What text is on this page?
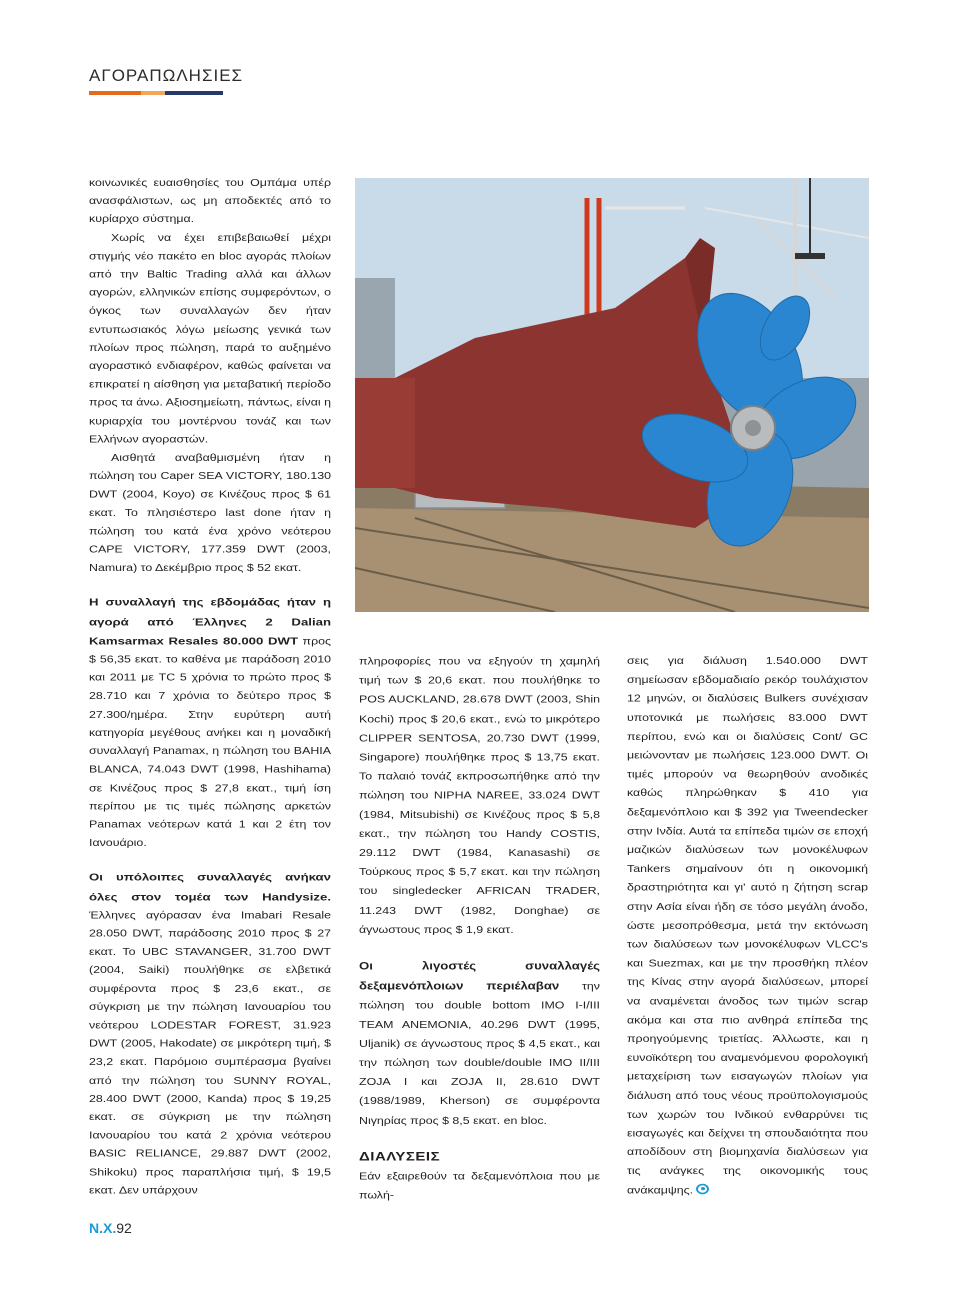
ΑΓΟΡΑΠΩΛΗΣΙΕΣ

κοινωνικές ευαισθησίες του Ομπάμα υπέρ ανασφάλιστων, ως μη αποδεκτές από το κυρίαρχο σύστημα.

Χωρίς να έχει επιβεβαιωθεί μέχρι στιγμής νέο πακέτο en bloc αγοράς πλοίων από την Baltic Trading αλλά και άλλων αγορών, ελληνικών επίσης συμφερόντων, ο όγκος των συναλλαγών δεν ήταν εντυπωσιακός λόγω μείωσης γενικά των πλοίων προς πώληση, παρά το αυξημένο αγοραστικό ενδιαφέρον, καθώς φαίνεται να επικρατεί η αίσθηση για μεταβατική περίοδο προς τα άνω. Αξιοσημείωτη, πάντως, είναι η κυριαρχία του μοντέρνου τονάζ και των Ελλήνων αγοραστών.

Αισθητά αναβαθμισμένη ήταν η πώληση του Caper SEA VICTORY, 180.130 DWT (2004, Koyo) σε Κινέζους προς $ 61 εκατ. Το πλησιέστερο last done ήταν η πώληση του κατά ένα χρόνο νεότερου CAPE VICTORY, 177.359 DWT (2003, Namura) το Δεκέμβριο προς $ 52 εκατ.

Η συναλλαγή της εβδομάδας ήταν η αγορά από Έλληνες 2 Dalian Kamsarmax Resales 80.000 DWT προς $ 56,35 εκατ. το καθένα με παράδοση 2010 και 2011 με TC 5 χρόνια το πρώτο προς $ 28.710 και 7 χρόνια το δεύτερο προς $ 27.300/ημέρα. Στην ευρύτερη αυτή κατηγορία μεγέθους ανήκει και η μοναδική συναλλαγή Panamax, η πώληση του BAHIA BLANCA, 74.043 DWT (1998, Hashihama) σε Κινέζους προς $ 27,8 εκατ., τιμή ίση περίπου με τις τιμές πώλησης αρκετών Panamax νεότερων κατά 1 και 2 έτη τον Ιανουάριο.

Οι υπόλοιπες συναλλαγές ανήκαν όλες στον τομέα των Handysize. Έλληνες αγόρασαν ένα Imabari Resale 28.050 DWT, παράδοσης 2010 προς $ 27 εκατ. Το UBC STAVANGER, 31.700 DWT (2004, Saiki) πουλήθηκε σε ελβετικά συμφέροντα προς $ 23,6 εκατ., σε σύγκριση με την πώληση Ιανουαρίου του νεότερου LODESTAR FOREST, 31.923 DWT (2005, Hakodate) σε μικρότερη τιμή, $ 23,2 εκατ. Παρόμοιο συμπέρασμα βγαίνει από την πώληση του SUNNY ROYAL, 28.400 DWT (2000, Kanda) προς $ 19,25 εκατ. σε σύγκριση με την πώληση Ιανουαρίου του κατά 2 χρόνια νεότερου BASIC RELIANCE, 29.887 DWT (2002, Shikoku) προς παραπλήσια τιμή, $ 19,5 εκατ. Δεν υπάρχουν

πληροφορίες που να εξηγούν τη χαμηλή τιμή των $ 20,6 εκατ. που πουλήθηκε το POS AUCKLAND, 28.678 DWT (2003, Shin Kochi) προς $ 20,6 εκατ., ενώ το μικρότερο CLIPPER SENTOSA, 20.730 DWT (1999, Singapore) πουλήθηκε προς $ 13,75 εκατ. Το παλαιό τονάζ εκπροσωπήθηκε από την πώληση του NIPHA NAREE, 33.024 DWT (1984, Mitsubishi) σε Κινέζους προς $ 5,8 εκατ., την πώληση του Handy COSTIS, 29.112 DWT (1984, Kanasashi) σε Τούρκους προς $ 5,7 εκατ. και την πώληση του singledecker AFRICAN TRADER, 11.243 DWT (1982, Donghae) σε άγνωστους προς $ 1,9 εκατ.

Οι λιγοστές συναλλαγές δεξαμενόπλοιων περιέλαβαν την πώληση του double bottom IMO I-I/III TEAM ANEMONIA, 40.296 DWT (1995, Uljanik) σε άγνωστους προς $ 4,5 εκατ., και την πώληση των double/double IMO II/III ZOJA I και ZOJA II, 28.610 DWT (1988/1989, Kherson) σε συμφέροντα Νιγηρίας προς $ 8,5 εκατ. en bloc.

ΔΙΑΛΥΣΕΙΣ

Εάν εξαιρεθούν τα δεξαμενόπλοια που με πωλή-

σεις για διάλυση 1.540.000 DWT σημείωσαν εβδομαδιαίο ρεκόρ τουλάχιστον 12 μηνών, οι διαλύσεις Bulkers συνέχισαν υποτονικά με πωλήσεις 83.000 DWT περίπου, ενώ και οι διαλύσεις Cont/ GC μειώνονταν με πωλήσεις 123.000 DWT. Οι τιμές μπορούν να θεωρηθούν ανοδικές καθώς πληρώθηκαν $ 410 για δεξαμενόπλοιο και $ 392 για Tweendecker στην Ινδία. Αυτά τα επίπεδα τιμών σε εποχή μαζικών διαλύσεων των μονοκέλυφων Tankers σημαίνουν ότι η οικονομική δραστηριότητα και γι' αυτό η ζήτηση scrap στην Ασία είναι ήδη σε τόσο μεγάλη άνοδο, ώστε μεσοπρόθεσμα, μετά την εκτόνωση των διαλύσεων των μονοκέλυφων VLCC's και Suezmax, και με την προσθήκη πλέον της Κίνας στην αγορά διαλύσεων, μπορεί να αναμένεται άνοδος των τιμών scrap ακόμα και στα πιο ανθηρά επίπεδα της προηγούμενης τριετίας. Άλλωστε, και η ευνοϊκότερη του αναμενόμενου φορολογική μεταχείριση των εισαγωγών πλοίων για διάλυση από τους νέους προϋπολογισμούς των χωρών του Ινδικού ενθαρρύνει τις εισαγωγές και δείχνει τη σπουδαιότητα που αποδίδουν στη βιομηχανία διαλύσεων για τις ανάγκες της οικονομικής τους ανάκαμψης.

Ν.Χ.92
